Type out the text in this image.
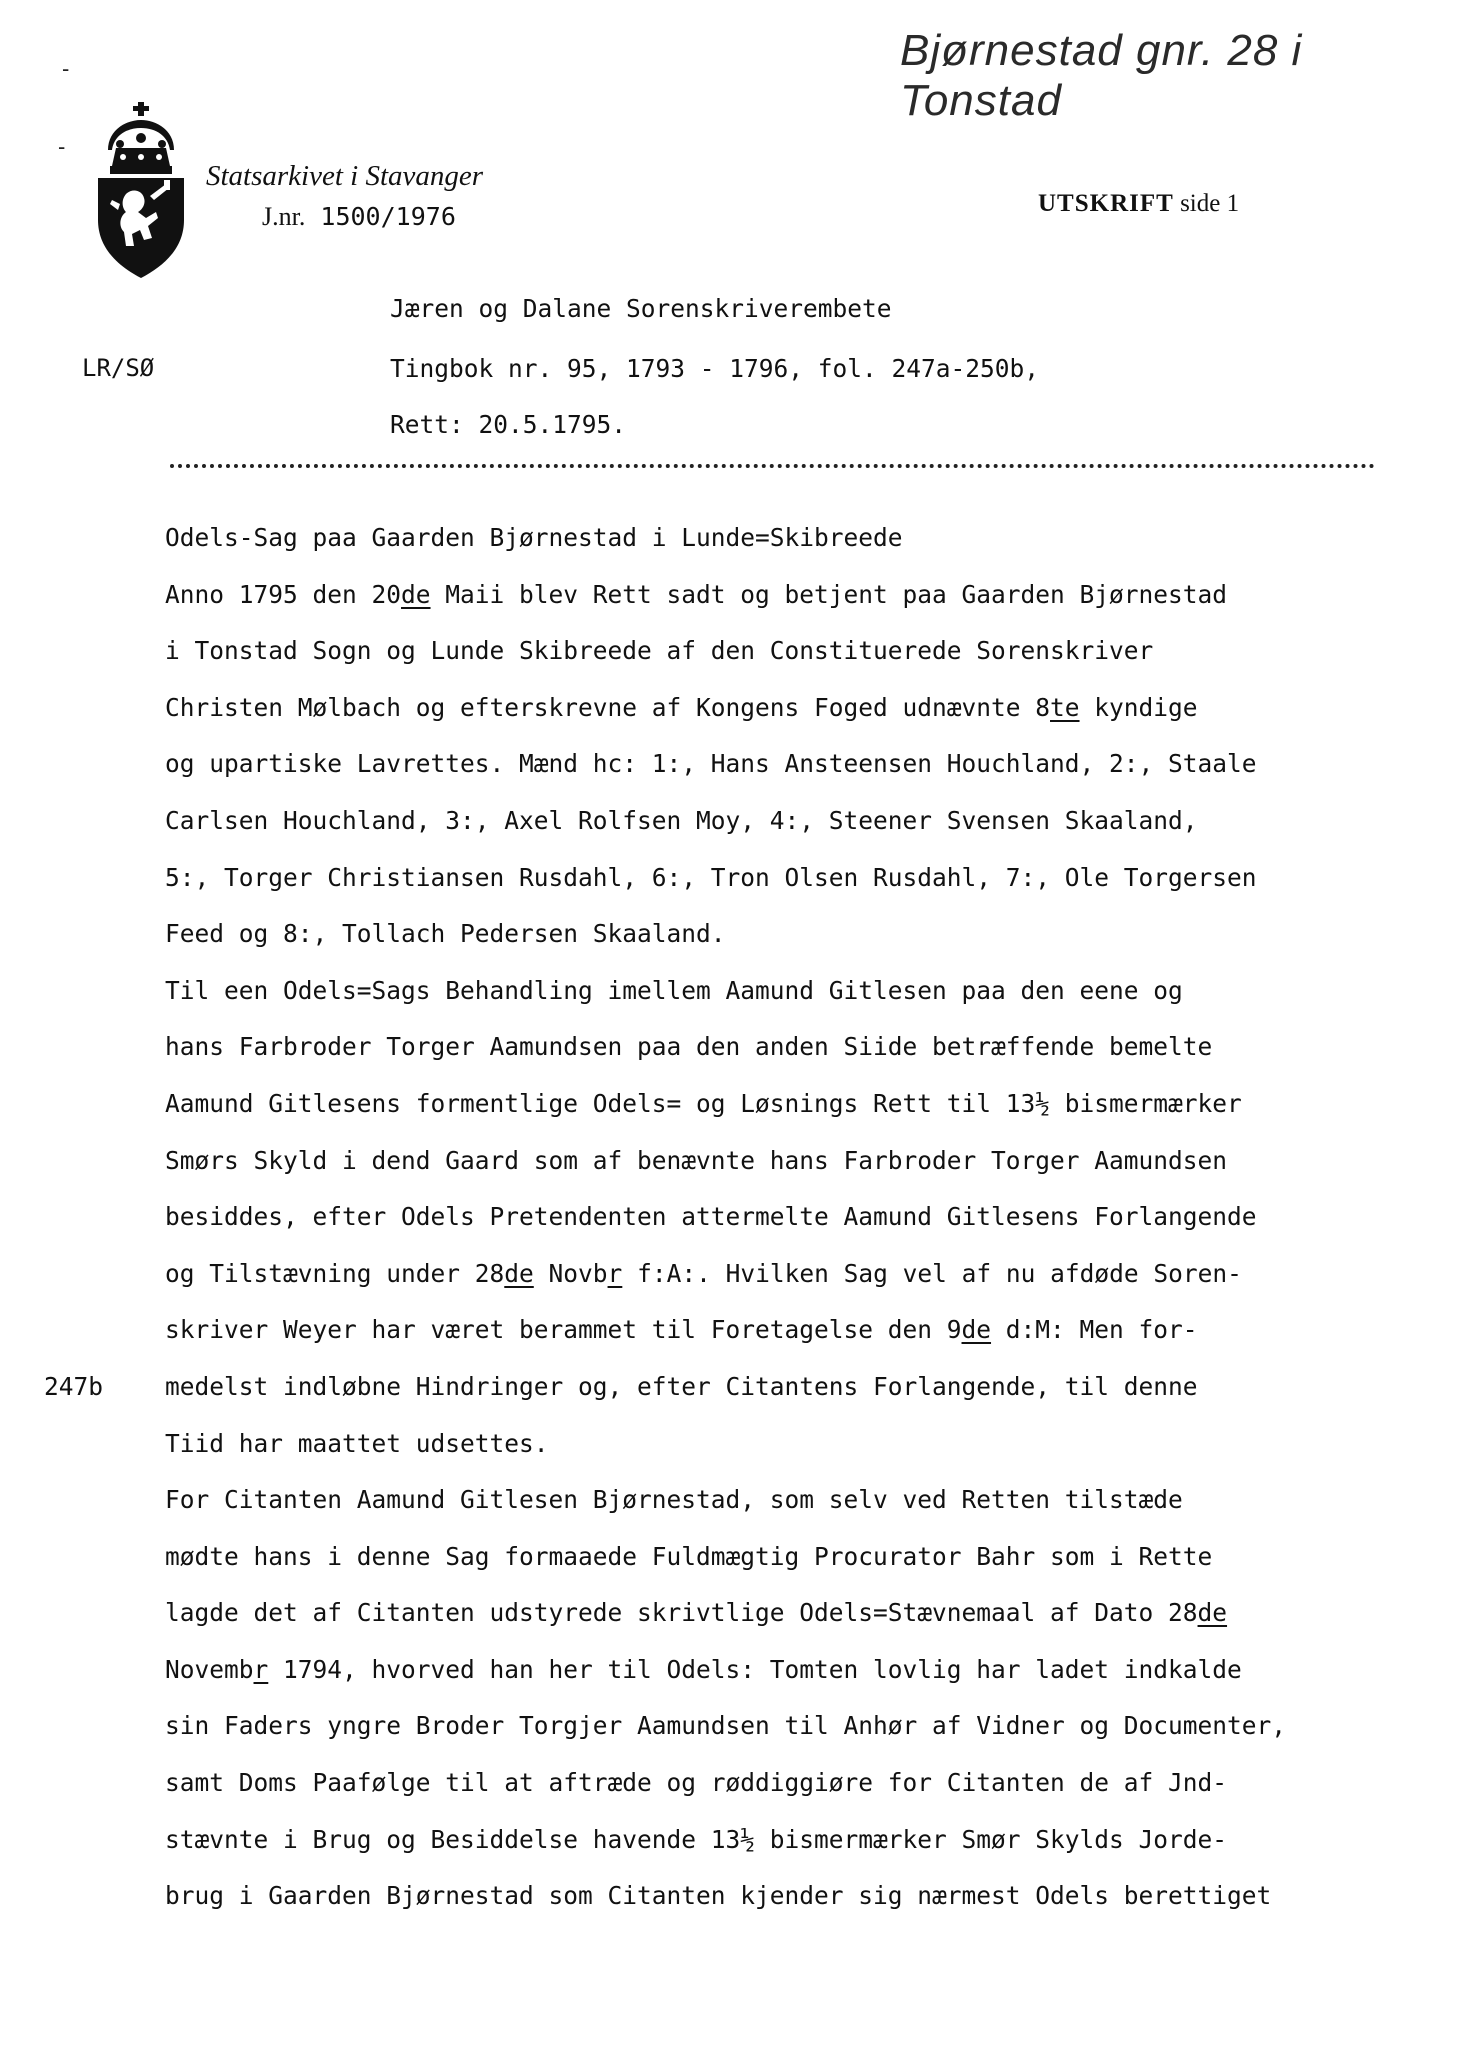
-
-
Bjørnestad gnr. 28 i Tonstad
Statsarkivet i Stavanger
J.nr. 1500/1976	UTSKRIFT side 1
Jæren og Dalane Sorenskriverembete
LR/SØ	Tingbok nr. 95, 1793 - 1796, fol. 247a-250b,
Rett: 20.5.1795.
Odels-Sag paa Gaarden Bjørnestad i Lunde=Skibreede
Anno 1795 den 20de Maii blev Rett sadt og betjent paa Gaarden Bjørnestad
i Tonstad Sogn og Lunde Skibreede af den Constituerede Sorenskriver
Christen Mølbach og efterskrevne af Kongens Foged udnævnte 8te kyndige
og upartiske Lavrettes. Mænd hc: 1:, Hans Ansteensen Houchland, 2:, Staale
Carlsen Houchland, 3:, Axel Rolfsen Moy, 4:, Steener Svensen Skaaland,
5:, Torger Christiansen Rusdahl, 6:, Tron Olsen Rusdahl, 7:, Ole Torgersen
Feed og 8:, Tollach Pedersen Skaaland.
Til een Odels=Sags Behandling imellem Aamund Gitlesen paa den eene og
hans Farbroder Torger Aamundsen paa den anden Siide betræffende bemelte
Aamund Gitlesens formentlige Odels= og Løsnings Rett til 13½ bismermærker
Smørs Skyld i dend Gaard som af benævnte hans Farbroder Torger Aamundsen
besiddes, efter Odels Pretendenten attermelte Aamund Gitlesens Forlangende
og Tilstævning under 28de Novbr f:A:. Hvilken Sag vel af nu afdøde Soren-
skriver Weyer har været berammet til Foretagelse den 9de d:M: Men for-
medelst indløbne Hindringer og, efter Citantens Forlangende, til denne
Tiid har maattet udsettes.
For Citanten Aamund Gitlesen Bjørnestad, som selv ved Retten tilstæde
mødte hans i denne Sag formaaede Fuldmægtig Procurator Bahr som i Rette
lagde det af Citanten udstyrede skrivtlige Odels=Stævnemaal af Dato 28de
Novembr 1794, hvorved han her til Odels: Tomten lovlig har ladet indkalde
sin Faders yngre Broder Torgjer Aamundsen til Anhør af Vidner og Documenter,
samt Doms Paafølge til at aftræde og røddiggiøre for Citanten de af Jnd-
stævnte i Brug og Besiddelse havende 13½ bismermærker Smør Skylds Jorde-
brug i Gaarden Bjørnestad som Citanten kjender sig nærmest Odels berettiget
247b
